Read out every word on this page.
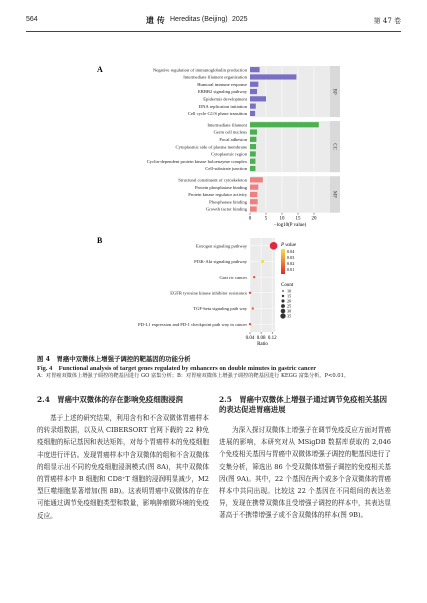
564	遗 传 Hereditas (Beijing) 2025	第 47 卷
A	Negative regulation of immunoglobulin production
Intermediate filament organization
Humoral immune response
ERBB2 signaling pathway
Epidermis development
DNA replication initiation
Cell cycle G1/S phase transition
BP
Intermediate filament
Germ cell nucleus
Focal adhesion
Cytoplasmic side of plasma membrane
Cytoplasmic region
Cyclin-dependent protein kinase holoenzyme complex
Cell-substrate junction
CC
Structural constituent of cytoskeleton
Protein phosphatase binding
Protein kinase regulator activity
Phosphatase binding
Growth factor binding
MF
0	5 10 15 20
−log10(P value)
B
Estrogen signaling pathway
PI3K-Akt signaling pathway
Gast ric cancer
EGFR tyrosine kinase inhibitor resistance
TGF-beta signaling path way
PD-L1 expression and PD-1 checkpoint path way in cancer
0.04 0.08 0.12
Ratio
P value
0.04
0.03
0.02
0.01
Count
10
15
20
25
30
35
图 4　胃癌中双微体上增强子调控的靶基因的功能分析
Fig. 4　Functional analysis of target genes regulated by enhancers on double minutes in gastric cancer
A：对胃癌双微体上增强子调控的靶基因进行 GO 富集分析；B：对胃癌双微体上增强子调控的靶基因进行 KEGG 富集分析。P<0.01。
2.4　胃癌中双微体的存在影响免疫细胞浸润
基于上述的研究结果，利用含有和不含双微体胃癌样本的转录组数据，以及从 CIBERSORT 官网下载的 22 种免疫细胞的标记基因和表达矩阵，对每个胃癌样本的免疫细胞丰度进行评估。发现胃癌样本中含双微体的组和不含双微体的组显示出不同的免疫细胞浸润模式(图 8A)，其中双微体的胃癌样本中 B 细胞和 CD8⁺T 细胞的浸润明显减少，M2 型巨噬细胞显著增加(图 8B)。这表明胃癌中双微体的存在可能通过调节免疫细胞类型和数量，影响肿瘤微环境的免疫反应。
2.5　胃癌中双微体上增强子通过调节免疫相关基因的表达促进胃癌进展
为深入探讨双微体上增强子在调节免疫反应方面对胃癌进展的影响，本研究对从 MSigDB 数据库获取的 2,046 个免疫相关基因与胃癌中双微体增强子调控的靶基因进行了交集分析，筛选出 86 个受双微体增强子调控的免疫相关基因(图 9A)。其中，22 个基因在两个或多个含双微体的胃癌样本中共同出现。比较这 22 个基因在不同组间的表达差异，发现在携带双微体且受增强子调控的样本中，其表达显著高于不携带增强子或不含双微体的样本(图 9B)。
